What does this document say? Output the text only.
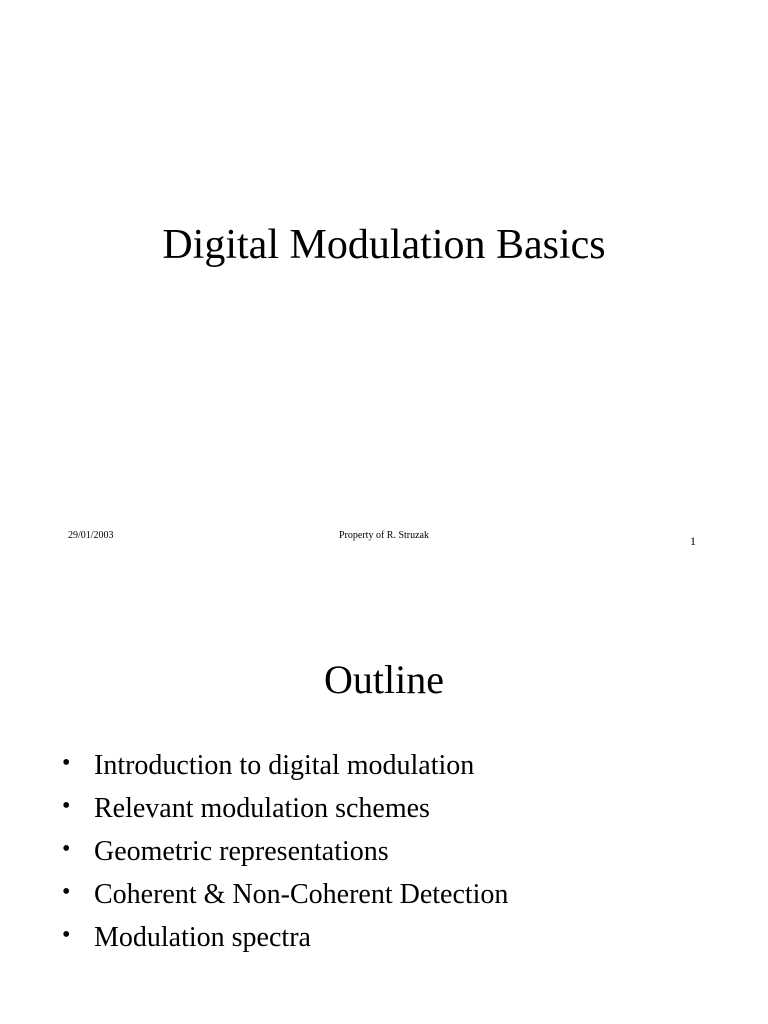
Digital Modulation Basics
29/01/2003	Property of R. Struzak	1
Outline
• Introduction to digital modulation
• Relevant modulation schemes
• Geometric representations
• Coherent & Non-Coherent Detection
• Modulation spectra
